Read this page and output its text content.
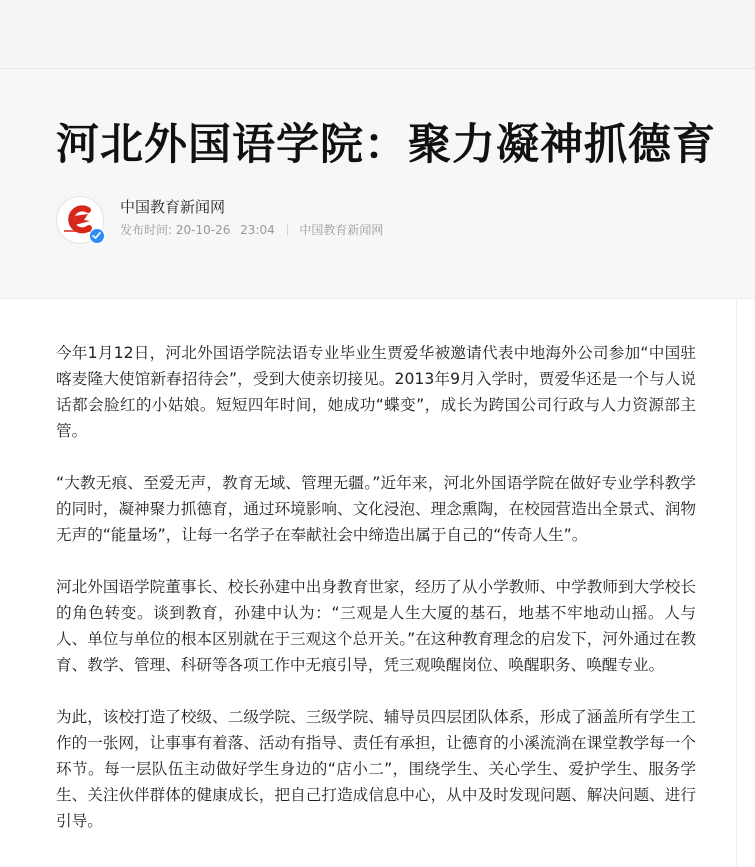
河北外国语学院：聚力凝神抓德育
中国教育新闻网
发布时间: 20-10-26 23:04 中国教育新闻网

今年1月12日，河北外国语学院法语专业毕业生贾爱华被邀请代表中地海外公司参加“中国驻喀麦隆大使馆新春招待会”，受到大使亲切接见。2013年9月入学时，贾爱华还是一个与人说话都会脸红的小姑娘。短短四年时间，她成功“蝶变”，成长为跨国公司行政与人力资源部主管。

“大教无痕、至爱无声，教育无域、管理无疆。”近年来，河北外国语学院在做好专业学科教学的同时，凝神聚力抓德育，通过环境影响、文化浸泡、理念熏陶，在校园营造出全景式、润物无声的“能量场”，让每一名学子在奉献社会中缔造出属于自己的“传奇人生”。

河北外国语学院董事长、校长孙建中出身教育世家，经历了从小学教师、中学教师到大学校长的角色转变。谈到教育，孙建中认为：“三观是人生大厦的基石，地基不牢地动山摇。人与人、单位与单位的根本区别就在于三观这个总开关。”在这种教育理念的启发下，河外通过在教育、教学、管理、科研等各项工作中无痕引导，凭三观唤醒岗位、唤醒职务、唤醒专业。

为此，该校打造了校级、二级学院、三级学院、辅导员四层团队体系，形成了涵盖所有学生工作的一张网，让事事有着落、活动有指导、责任有承担，让德育的小溪流淌在课堂教学每一个环节。每一层队伍主动做好学生身边的“店小二”，围绕学生、关心学生、爱护学生、服务学生、关注伙伴群体的健康成长，把自己打造成信息中心，从中及时发现问题、解决问题、进行引导。
